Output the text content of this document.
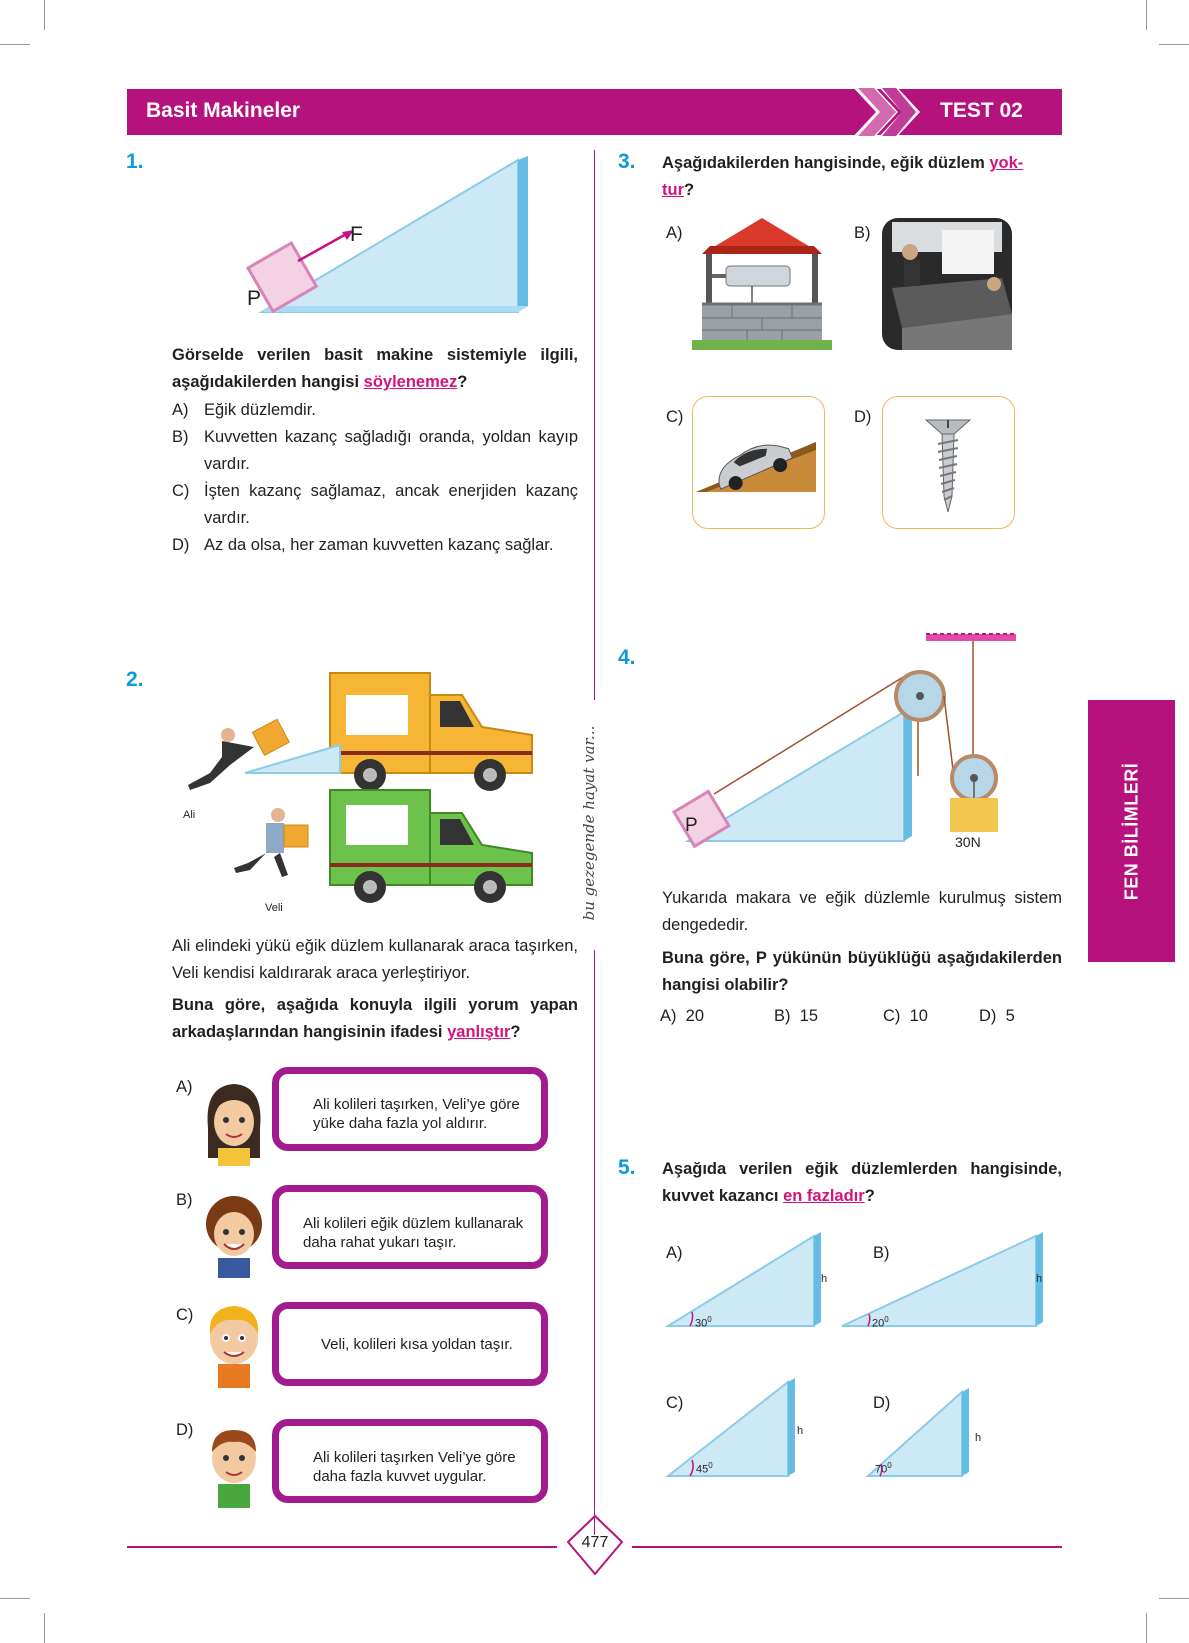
Basit Makineler	TEST 02
bu gezegende hayat var...	FEN BİLİMLERİ
1.
P
F
Görselde verilen basit makine sistemiyle ilgili, aşağıdakilerden hangisi söylenemez?
A) Eğik düzlemdir.
B) Kuvvetten kazanç sağladığı oranda, yoldan kayıp vardır.
C) İşten kazanç sağlamaz, ancak enerjiden kazanç vardır.
D) Az da olsa, her zaman kuvvetten kazanç sağlar.
2.
Ali
Veli
Ali elindeki yükü eğik düzlem kullanarak araca taşırken, Veli kendisi kaldırarak araca yerleştiriyor.
Buna göre, aşağıda konuyla ilgili yorum yapan arkadaşlarından hangisinin ifadesi yanlıştır?
A)
Ali kolileri taşırken, Veli’ye göre yüke daha fazla yol aldırır.
B)
Ali kolileri eğik düzlem kullanarak daha rahat yukarı taşır.
C)
Veli, kolileri kısa yoldan taşır.
D)
Ali kolileri taşırken Veli’ye göre daha fazla kuvvet uygular.
3. Aşağıdakilerden hangisinde, eğik düzlem yok-
tur?
A)	B)
C)	D)
4.
P
30N
Yukarıda makara ve eğik düzlemle kurulmuş sistem dengededir.
Buna göre, P yükünün büyüklüğü aşağıdakilerden hangisi olabilir?
A) 20	B) 15	C) 10	D) 5
5. Aşağıda verilen eğik düzlemlerden hangisinde, kuvvet kazancı en fazladır?
A)
h
$30^0$
B)
h
$20^0$
C)
h
$45^0$
D)
h
$70^0$
477
